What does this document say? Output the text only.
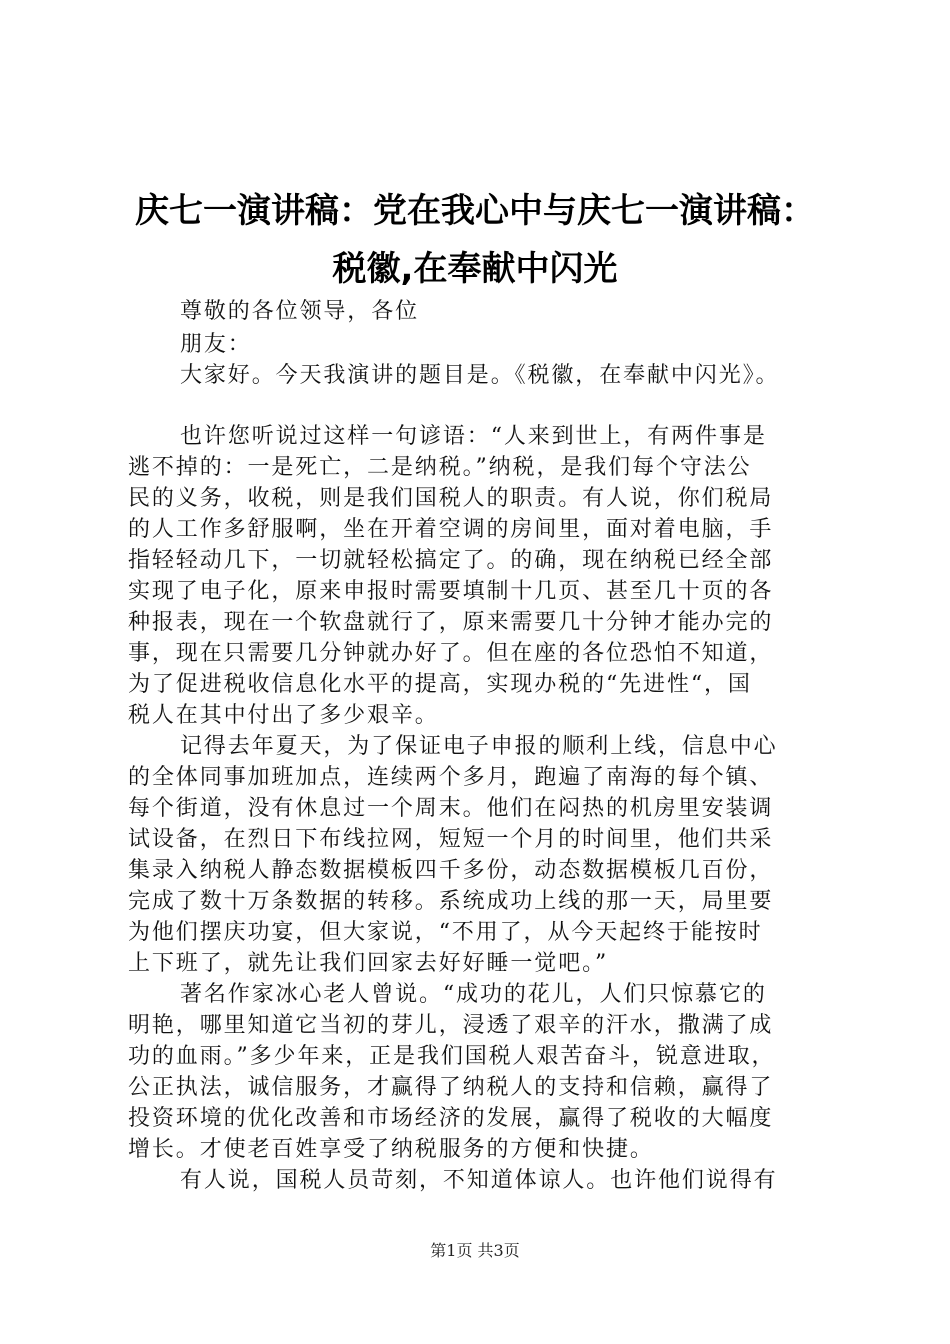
庆七一演讲稿：党在我心中与庆七一演讲稿：
税徽,在奉献中闪光

尊敬的各位领导，各位

朋友：

大家好。今天我演讲的题目是。《税徽，在奉献中闪光》。

也许您听说过这样一句谚语：“人来到世上，有两件事是

逃不掉的：一是死亡，二是纳税。”纳税，是我们每个守法公

民的义务，收税，则是我们国税人的职责。有人说，你们税局

的人工作多舒服啊，坐在开着空调的房间里，面对着电脑，手

指轻轻动几下，一切就轻松搞定了。的确，现在纳税已经全部

实现了电子化，原来申报时需要填制十几页、甚至几十页的各

种报表，现在一个软盘就行了，原来需要几十分钟才能办完的

事，现在只需要几分钟就办好了。但在座的各位恐怕不知道，

为了促进税收信息化水平的提高，实现办税的“先进性“，国

税人在其中付出了多少艰辛。

记得去年夏天，为了保证电子申报的顺利上线，信息中心

的全体同事加班加点，连续两个多月，跑遍了南海的每个镇、

每个街道，没有休息过一个周末。他们在闷热的机房里安装调

试设备，在烈日下布线拉网，短短一个月的时间里，他们共采

集录入纳税人静态数据模板四千多份，动态数据模板几百份，

完成了数十万条数据的转移。系统成功上线的那一天，局里要

为他们摆庆功宴，但大家说，“不用了，从今天起终于能按时

上下班了，就先让我们回家去好好睡一觉吧。”

著名作家冰心老人曾说。“成功的花儿，人们只惊慕它的

明艳，哪里知道它当初的芽儿，浸透了艰辛的汗水，撒满了成

功的血雨。”多少年来，正是我们国税人艰苦奋斗，锐意进取，

公正执法，诚信服务，才赢得了纳税人的支持和信赖，赢得了

投资环境的优化改善和市场经济的发展，赢得了税收的大幅度

增长。才使老百姓享受了纳税服务的方便和快捷。

有人说，国税人员苛刻，不知道体谅人。也许他们说得有

第1页 共3页
